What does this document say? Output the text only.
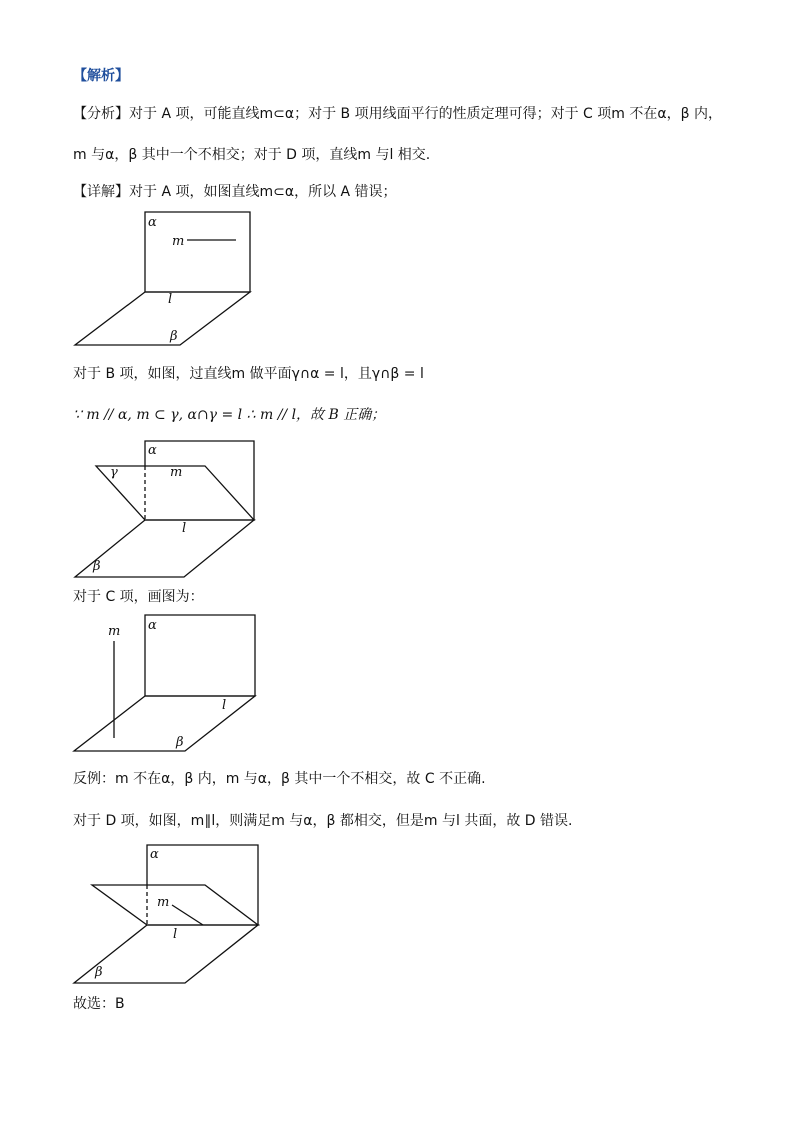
【解析】
【分析】对于 A 项，可能直线m⊂α；对于 B 项用线面平行的性质定理可得；对于 C 项m 不在α，β 内，
m 与α，β 其中一个不相交；对于 D 项，直线m 与l 相交.
【详解】对于 A 项，如图直线m⊂α，所以 A 错误；
α
m
l
β
对于 B 项，如图，过直线m 做平面γ∩α = l，且γ∩β = l
∵ m // α, m ⊂ γ, α∩γ = l ∴ m // l，故 B 正确；
α
γ	m
l
β
对于 C 项，画图为：
m α
l
β
反例：m 不在α，β 内，m 与α，β 其中一个不相交，故 C 不正确.
对于 D 项，如图，m∥l，则满足m 与α，β 都相交，但是m 与l 共面，故 D 错误.
α
m
l
β
故选：B
